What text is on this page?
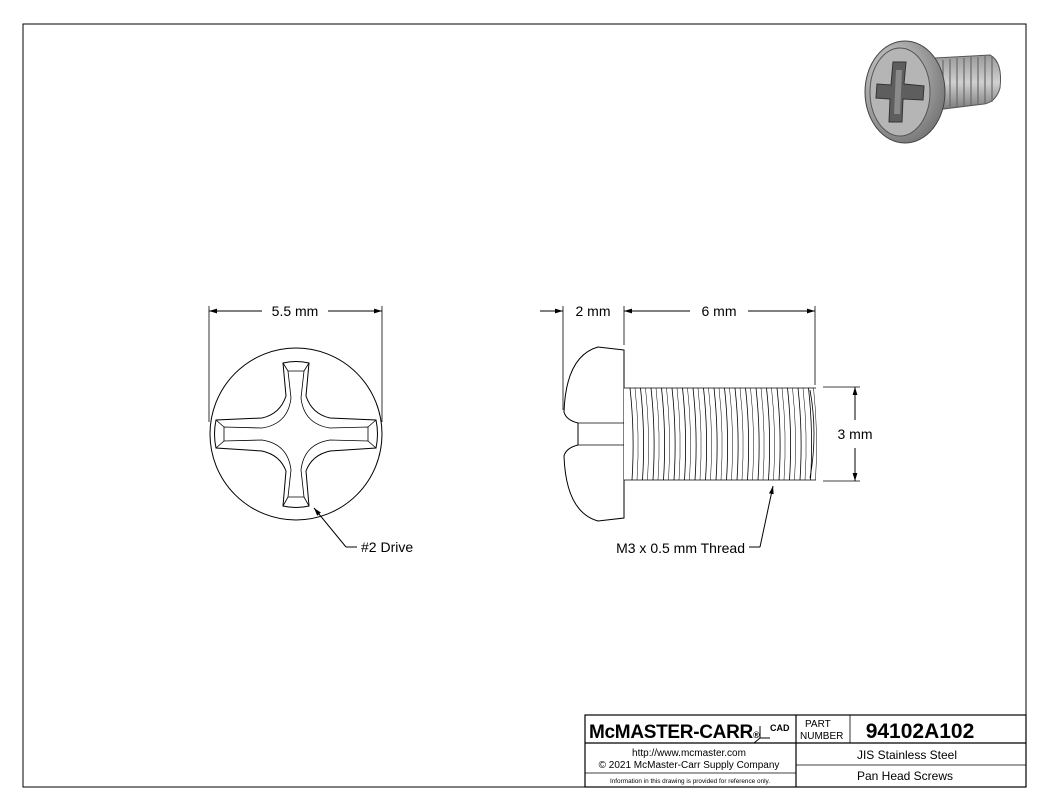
5.5 mm	2 mm	6 mm
3 mm
#2 Drive	M3 x 0.5 mm Thread
McMASTER-CARR®
CAD PART
NUMBER 94102A102
http://www.mcmaster.com
© 2021 McMaster-Carr Supply Company
Information in this drawing is provided for reference only.
JIS Stainless Steel
Pan Head Screws
